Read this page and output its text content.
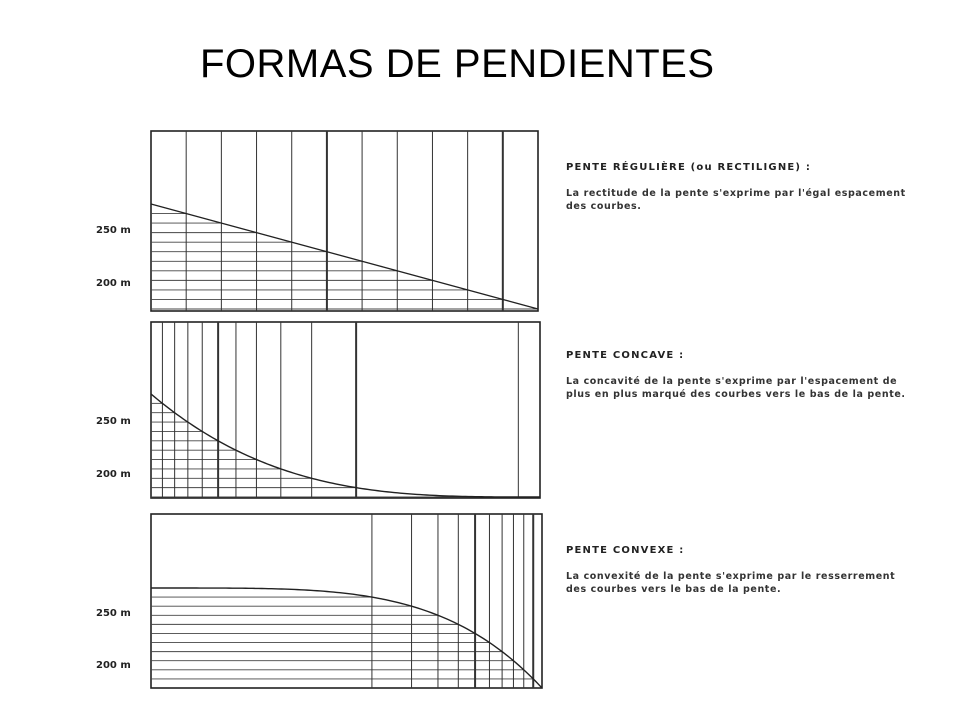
FORMAS DE PENDIENTES
250 m
200 m
250 m
200 m
250 m
200 m

PENTE RÉGULIÈRE (ou RECTILIGNE) :

La rectitude de la pente s'exprime par l'égal espacement des courbes.

PENTE CONCAVE :

La concavité de la pente s'exprime par l'espacement de plus en plus marqué des courbes vers le bas de la pente.

PENTE CONVEXE :

La convexité de la pente s'exprime par le resserrement des courbes vers le bas de la pente.
